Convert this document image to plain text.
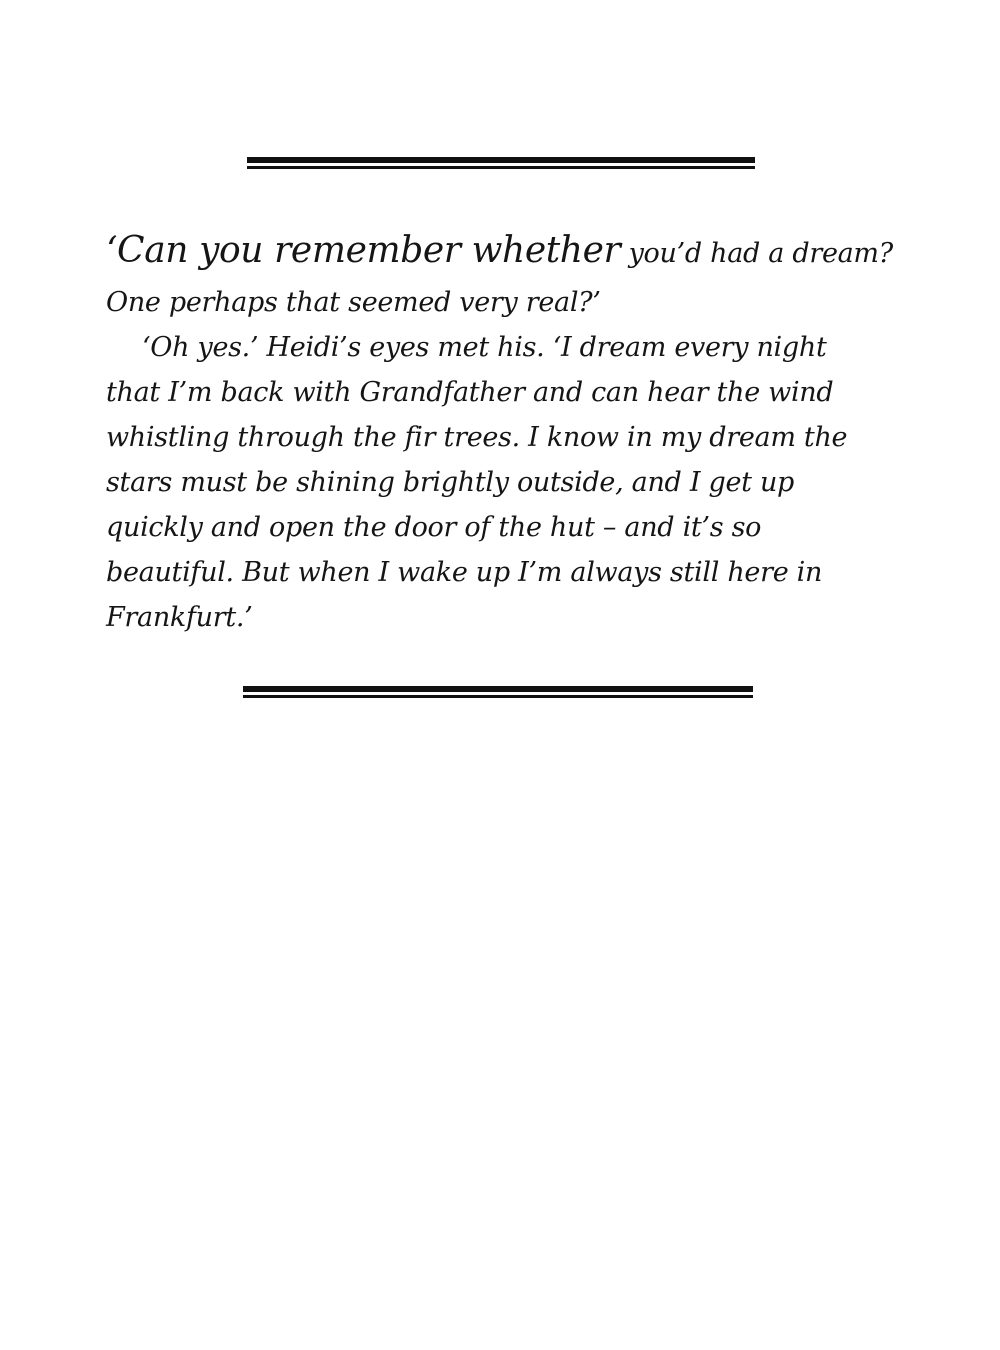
‘Can you remember whether you’d had a dream?
One perhaps that seemed very real?’
‘Oh yes.’ Heidi’s eyes met his. ‘I dream every night
that I’m back with Grandfather and can hear the wind
whistling through the fir trees. I know in my dream the
stars must be shining brightly outside, and I get up
quickly and open the door of the hut – and it’s so
beautiful. But when I wake up I’m always still here in
Frankfurt.’
